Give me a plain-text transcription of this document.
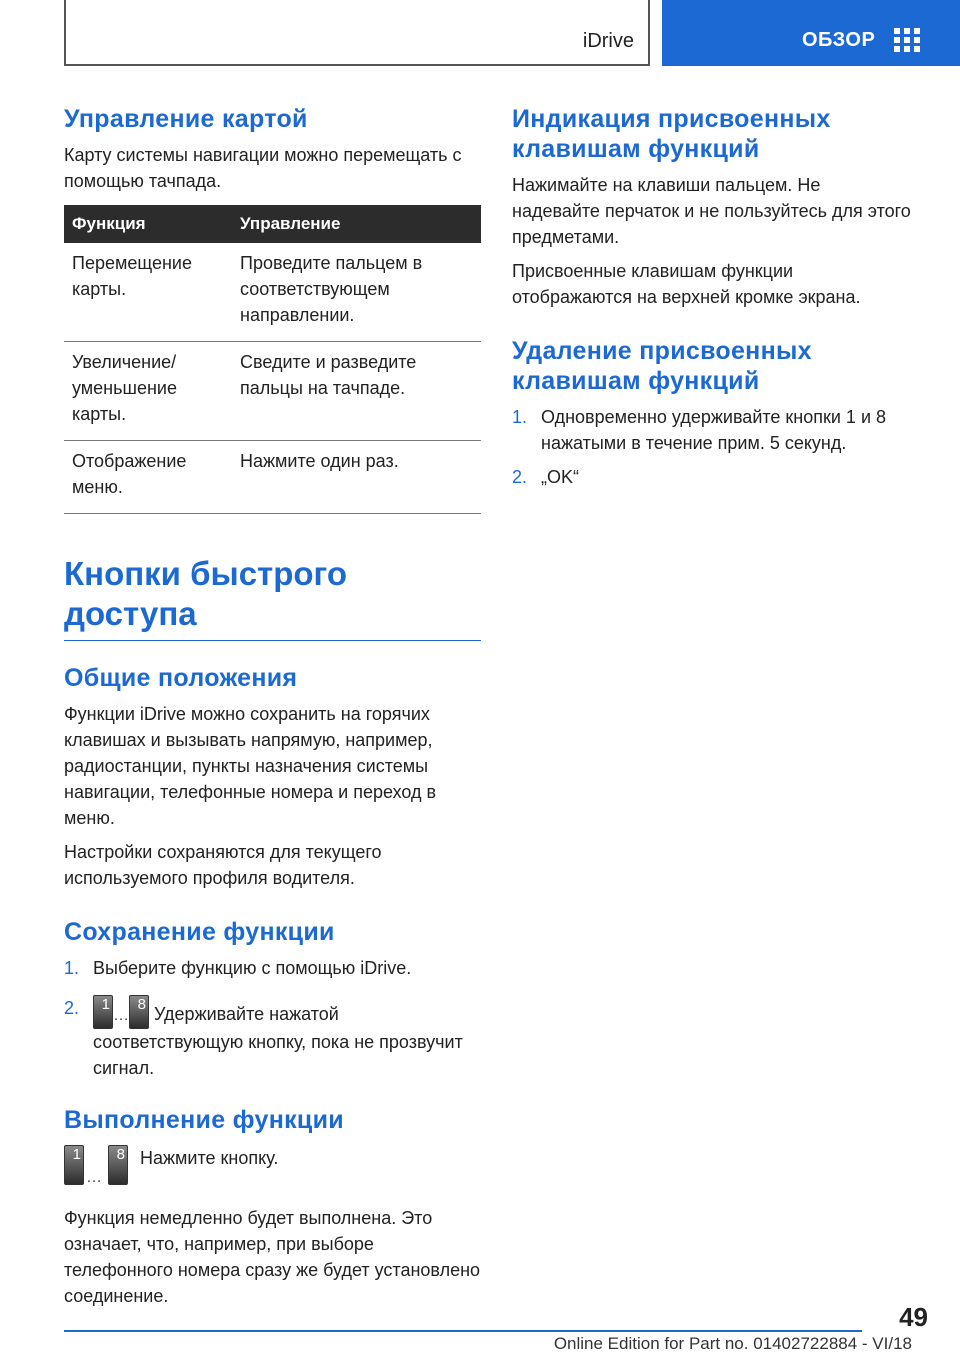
iDrive	ОБЗОР
Управление картой

Карту системы навигации можно перемещать с помощью тачпада.

Функция	Управление
Перемещение карты.	Проведите пальцем в соответствующем направлении.
Увеличение/ уменьшение карты.	Сведите и разведите пальцы на тачпаде.
Отображение меню.	Нажмите один раз.
Кнопки быстрого доступа
Общие положения

Функции iDrive можно сохранить на горячих клавишах и вызывать напрямую, например, радиостанции, пункты назначения системы навигации, телефонные номера и переход в меню.

Настройки сохраняются для текущего используемого профиля водителя.

Сохранение функции
1. Выберите функцию с помощью iDrive.
2. 1…8 Удерживайте нажатой соответствующую кнопку, пока не прозвучит сигнал.
Выполнение функции
1
…
8 Нажмите кнопку.

Функция немедленно будет выполнена. Это означает, что, например, при выборе телефонного номера сразу же будет установлено соединение.

Индикация присвоенных клавишам функций

Нажимайте на клавиши пальцем. Не надевайте перчаток и не пользуйтесь для этого предметами.

Присвоенные клавишам функции отображаются на верхней кромке экрана.

Удаление присвоенных клавишам функций
1. Одновременно удерживайте кнопки 1 и 8 нажатыми в течение прим. 5 секунд.
2. „OK“
49
Online Edition for Part no. 01402722884 - VI/18
